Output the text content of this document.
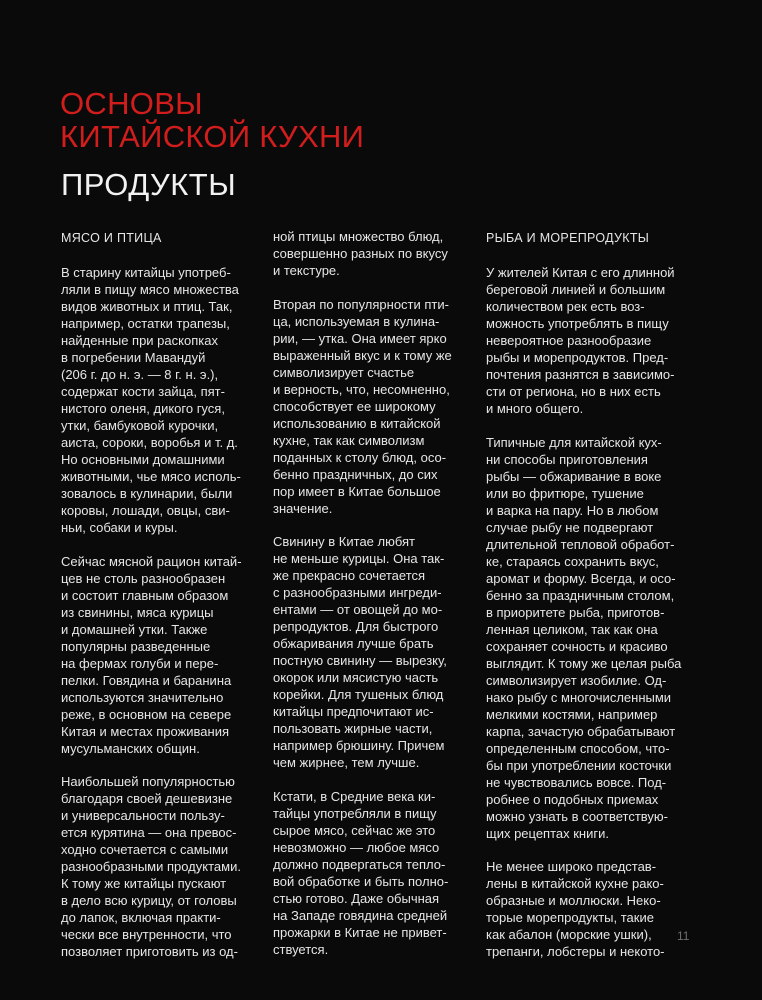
ОСНОВЫ
КИТАЙСКОЙ КУХНИ
ПРОДУКТЫ
МЯСО И ПТИЦА
В старину китайцы употреб-
ляли в пищу мясо множества
видов животных и птиц. Так,
например, остатки трапезы,
найденные при раскопках
в погребении Мавандуй
(206 г. до н. э. — 8 г. н. э.),
содержат кости зайца, пят-
нистого оленя, дикого гуся,
утки, бамбуковой курочки,
аиста, сороки, воробья и т. д.
Но основными домашними
животными, чье мясо исполь-
зовалось в кулинарии, были
коровы, лошади, овцы, сви-
ньи, собаки и куры.
Сейчас мясной рацион китай-
цев не столь разнообразен
и состоит главным образом
из свинины, мяса курицы
и домашней утки. Также
популярны разведенные
на фермах голуби и пере-
пелки. Говядина и баранина
используются значительно
реже, в основном на севере
Китая и местах проживания
мусульманских общин.
Наибольшей популярностью
благодаря своей дешевизне
и универсальности пользу-
ется курятина — она превос-
ходно сочетается с самыми
разнообразными продуктами.
К тому же китайцы пускают
в дело всю курицу, от головы
до лапок, включая практи-
чески все внутренности, что
позволяет приготовить из од-
ной птицы множество блюд,
совершенно разных по вкусу
и текстуре.
Вторая по популярности пти-
ца, используемая в кулина-
рии, — утка. Она имеет ярко
выраженный вкус и к тому же
символизирует счастье
и верность, что, несомненно,
способствует ее широкому
использованию в китайской
кухне, так как символизм
поданных к столу блюд, осо-
бенно праздничных, до сих
пор имеет в Китае большое
значение.
Свинину в Китае любят
не меньше курицы. Она так-
же прекрасно сочетается
с разнообразными ингреди-
ентами — от овощей до мо-
репродуктов. Для быстрого
обжаривания лучше брать
постную свинину — вырезку,
окорок или мясистую часть
корейки. Для тушеных блюд
китайцы предпочитают ис-
пользовать жирные части,
например брюшину. Причем
чем жирнее, тем лучше.
Кстати, в Средние века ки-
тайцы употребляли в пищу
сырое мясо, сейчас же это
невозможно — любое мясо
должно подвергаться тепло-
вой обработке и быть полно-
стью готово. Даже обычная
на Западе говядина средней
прожарки в Китае не привет-
ствуется.
РЫБА И МОРЕПРОДУКТЫ
У жителей Китая с его длинной
береговой линией и большим
количеством рек есть воз-
можность употреблять в пищу
невероятное разнообразие
рыбы и морепродуктов. Пред-
почтения разнятся в зависимо-
сти от региона, но в них есть
и много общего.
Типичные для китайской кух-
ни способы приготовления
рыбы — обжаривание в воке
или во фритюре, тушение
и варка на пару. Но в любом
случае рыбу не подвергают
длительной тепловой обработ-
ке, стараясь сохранить вкус,
аромат и форму. Всегда, и осо-
бенно за праздничным столом,
в приоритете рыба, приготов-
ленная целиком, так как она
сохраняет сочность и красиво
выглядит. К тому же целая рыба
символизирует изобилие. Од-
нако рыбу с многочисленными
мелкими костями, например
карпа, зачастую обрабатывают
определенным способом, что-
бы при употреблении косточки
не чувствовались вовсе. Под-
робнее о подобных приемах
можно узнать в соответствую-
щих рецептах книги.
Не менее широко представ-
лены в китайской кухне рако-
образные и моллюски. Неко-
торые морепродукты, такие
как абалон (морские ушки),
трепанги, лобстеры и некото-
11
